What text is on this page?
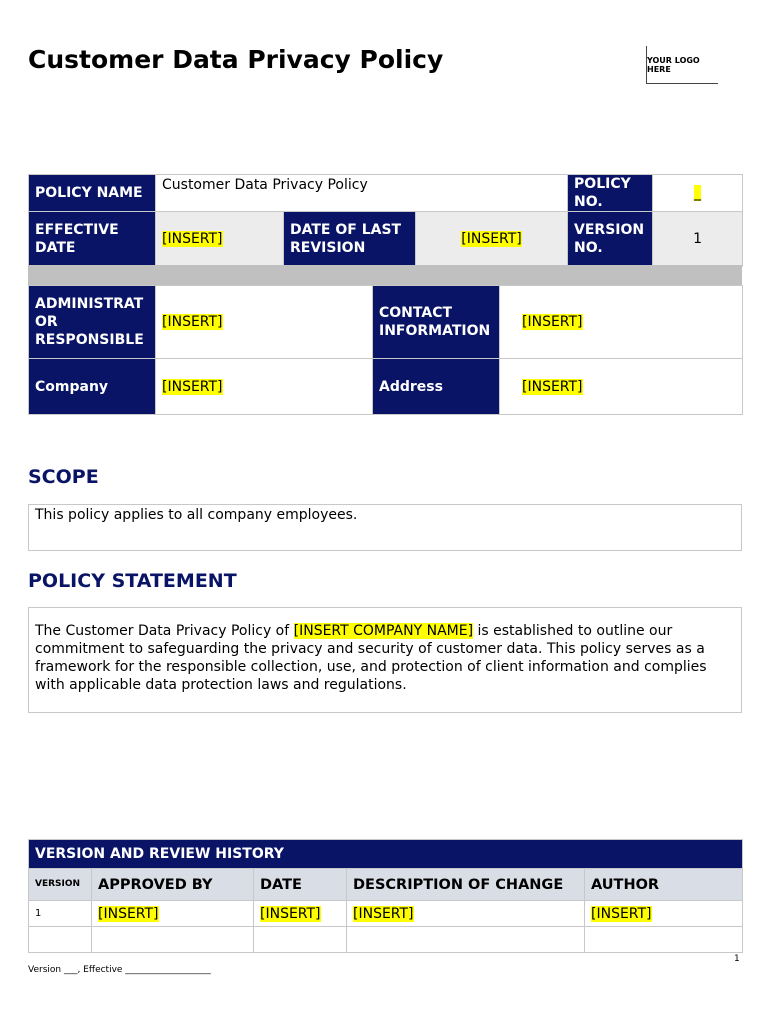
Customer Data Privacy Policy	YOUR LOGO HERE
POLICY NAME	Customer Data Privacy Policy			POLICY NO.	_
EFFECTIVE DATE	[INSERT]	DATE OF LAST REVISION	[INSERT]	VERSION NO.	1
ADMINISTRATOR RESPONSIBLE	[INSERT]	CONTACT INFORMATION	[INSERT]
Company	[INSERT]	Address	[INSERT]
SCOPE
This policy applies to all company employees.
POLICY STATEMENT
The Customer Data Privacy Policy of [INSERT COMPANY NAME] is established to outline our commitment to safeguarding the privacy and security of customer data. This policy serves as a framework for the responsible collection, use, and protection of client information and complies with applicable data protection laws and regulations.
VERSION AND REVIEW HISTORY				
VERSION	APPROVED BY	DATE	DESCRIPTION OF CHANGE	AUTHOR
1	[INSERT]	[INSERT]	[INSERT]	[INSERT]

1
Version ___, Effective ___________________
